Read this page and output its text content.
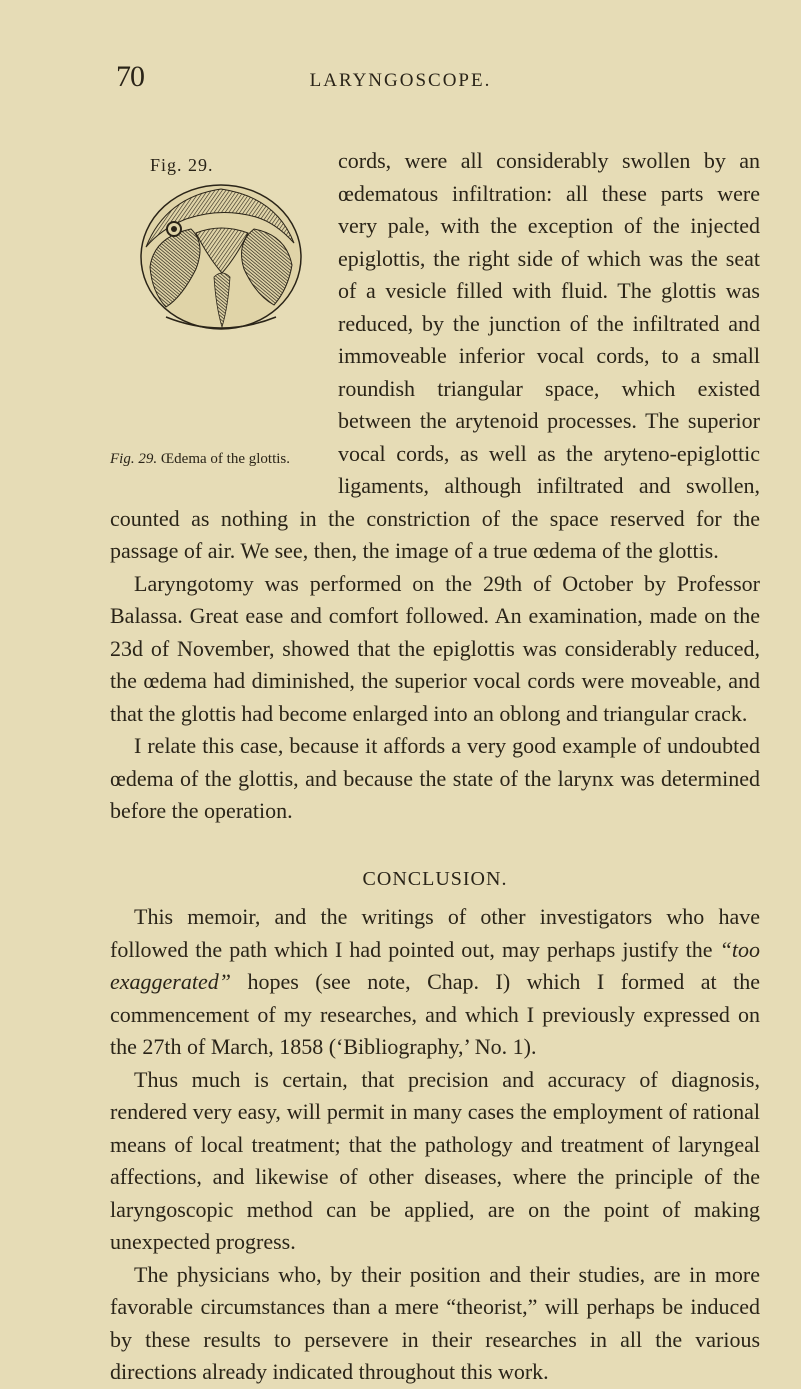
70	LARYNGOSCOPE.
Fig. 29.
Fig. 29. Œdema of the glottis.

cords, were all considerably swollen by an œdematous infiltration: all these parts were very pale, with the exception of the injected epiglottis, the right side of which was the seat of a vesicle filled with fluid. The glottis was reduced, by the junction of the infiltrated and immoveable inferior vocal cords, to a small roundish triangular space, which existed between the arytenoid processes. The superior vocal cords, as well as the aryteno-epiglottic ligaments, although infiltrated and swollen, counted as nothing in the constriction of the space reserved for the passage of air. We see, then, the image of a true œdema of the glottis.

Laryngotomy was performed on the 29th of October by Professor Balassa. Great ease and comfort followed. An examination, made on the 23d of November, showed that the epiglottis was considerably reduced, the œdema had diminished, the superior vocal cords were moveable, and that the glottis had become enlarged into an oblong and triangular crack.

I relate this case, because it affords a very good example of undoubted œdema of the glottis, and because the state of the larynx was determined before the operation.

CONCLUSION.

This memoir, and the writings of other investigators who have followed the path which I had pointed out, may perhaps justify the “too exaggerated” hopes (see note, Chap. I) which I formed at the commencement of my researches, and which I previously expressed on the 27th of March, 1858 (‘Bibliography,’ No. 1).

Thus much is certain, that precision and accuracy of diagnosis, rendered very easy, will permit in many cases the employment of rational means of local treatment; that the pathology and treatment of laryngeal affections, and likewise of other diseases, where the principle of the laryngoscopic method can be applied, are on the point of making unexpected progress.

The physicians who, by their position and their studies, are in more favorable circumstances than a mere “theorist,” will perhaps be induced by these results to persevere in their researches in all the various directions already indicated throughout this work.
